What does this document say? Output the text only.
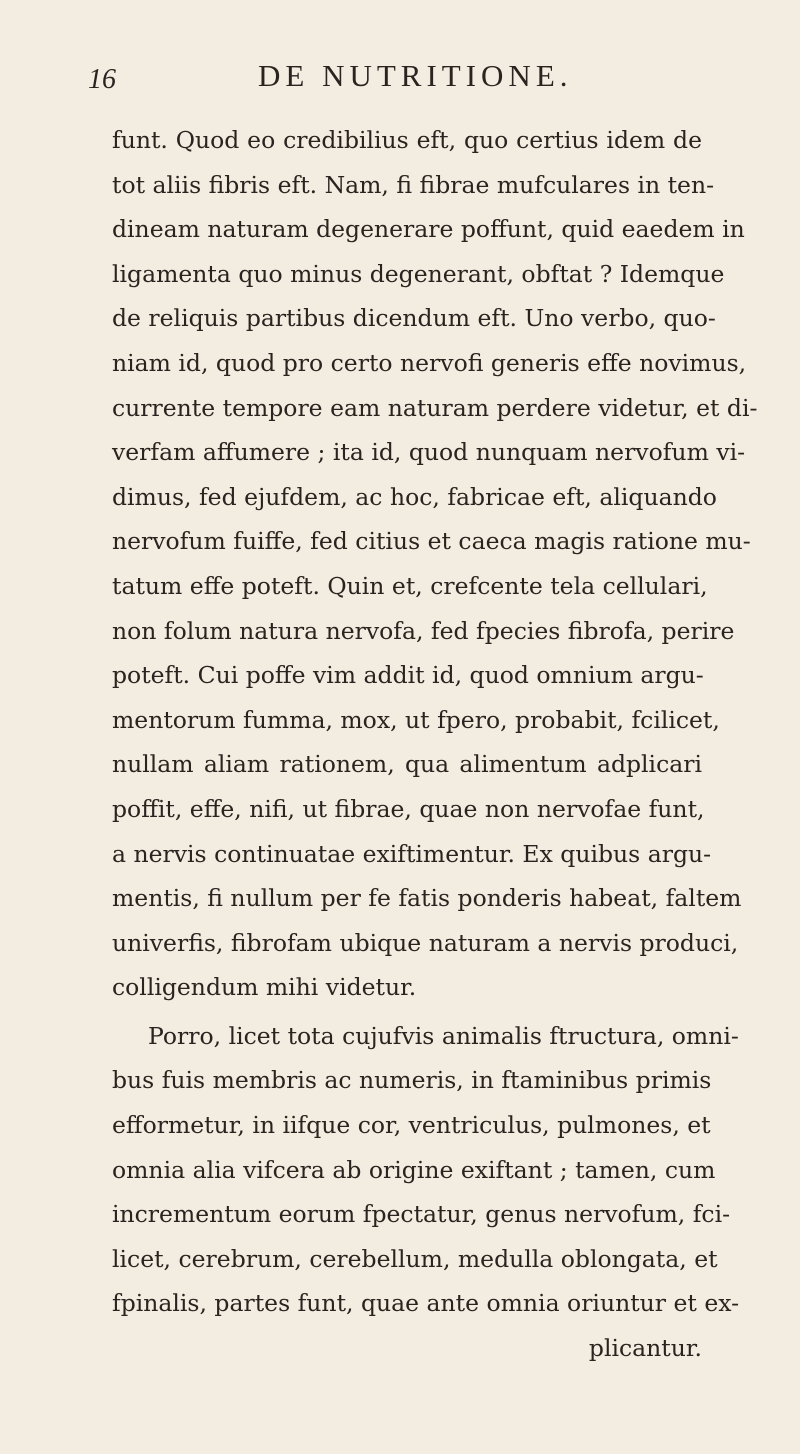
16	DE NUTRITIONE.
funt. Quod eo credibilius eft, quo certius idem de
tot aliis fibris eft. Nam, fi fibrae mufculares in ten-
dineam naturam degenerare poffunt, quid eaedem in
ligamenta quo minus degenerant, obftat ? Idemque
de reliquis partibus dicendum eft. Uno verbo, quo-
niam id, quod pro certo nervofi generis effe novimus,
currente tempore eam naturam perdere videtur, et di-
verfam affumere ; ita id, quod nunquam nervofum vi-
dimus, fed ejufdem, ac hoc, fabricae eft, aliquando
nervofum fuiffe, fed citius et caeca magis ratione mu-
tatum effe poteft. Quin et, crefcente tela cellulari,
non folum natura nervofa, fed fpecies fibrofa, perire
poteft. Cui poffe vim addit id, quod omnium argu-
mentorum fumma, mox, ut fpero, probabit, fcilicet,
nullam aliam rationem, qua alimentum adplicari
poffit, effe, nifi, ut fibrae, quae non nervofae funt,
a nervis continuatae exiftimentur. Ex quibus argu-
mentis, fi nullum per fe fatis ponderis habeat, faltem
univerfis, fibrofam ubique naturam a nervis produci,
colligendum mihi videtur.
Porro, licet tota cujufvis animalis ftructura, omni-
bus fuis membris ac numeris, in ftaminibus primis
efformetur, in iifque cor, ventriculus, pulmones, et
omnia alia vifcera ab origine exiftant ; tamen, cum
incrementum eorum fpectatur, genus nervofum, fci-
licet, cerebrum, cerebellum, medulla oblongata, et
fpinalis, partes funt, quae ante omnia oriuntur et ex-
plicantur.
